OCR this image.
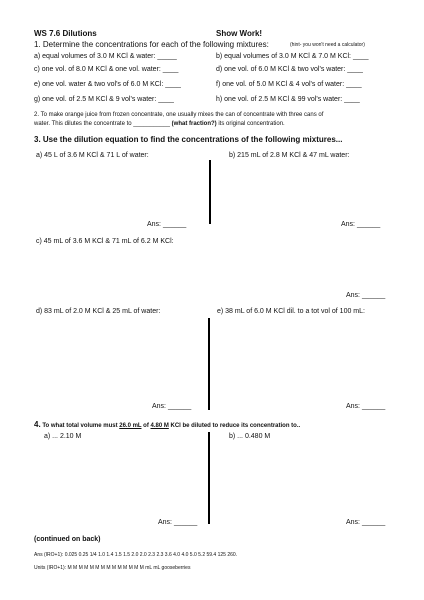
WS 7.6 Dilutions	Show Work!
1. Determine the concentrations for each of the following mixtures:	(hint- you won't need a calculator)
a) equal volumes of 3.0 M KCl & water: _____	b) equal volumes of 3.0 M KCl & 7.0 M KCl: ____
c) one vol. of 8.0 M KCl & one vol. water: ____	d) one vol. of 6.0 M KCl & two vol's water: ____
e) one vol. water & two vol's of 6.0 M KCl: ____	f) one vol. of 5.0 M KCl & 4 vol's of water: ____
g) one vol. of 2.5 M KCl & 9 vol's water: ____	h) one vol. of 2.5 M KCl & 99 vol's water: ____
2. To make orange juice from frozen concentrate, one usually mixes the can of concentrate with three cans of
water. This dilutes the concentrate to ___________ (what fraction?) its original concentration.
3. Use the dilution equation to find the concentrations of the following mixtures...
a) 45 L of 3.6 M KCl & 71 L of water:	b) 215 mL of 2.8 M KCl & 47 mL water:
Ans: ______	Ans: ______
c) 45 mL of 3.6 M KCl & 71 mL of 6.2 M KCl:
Ans: ______
d) 83 mL of 2.0 M KCl & 25 mL of water:	e) 38 mL of 6.0 M KCl dil. to a tot vol of 100 mL:
Ans: ______	Ans: ______
4. To what total volume must 26.0 mL of 4.80 M KCl be diluted to reduce its concentration to..
a) ... 2.10 M	b) ... 0.480 M
Ans: ______	Ans: ______
(continued on back)
Ans (IRO+1): 0.025 0.25 1/4 1.0 1.4 1.5 1.5 2.0 2.0 2.3 2.3 3.6 4.0 4.0 5.0 5.2 59.4 125 260.
Units (IRO+1): M M M M M M M M M M M M M M mL mL gooseberries
